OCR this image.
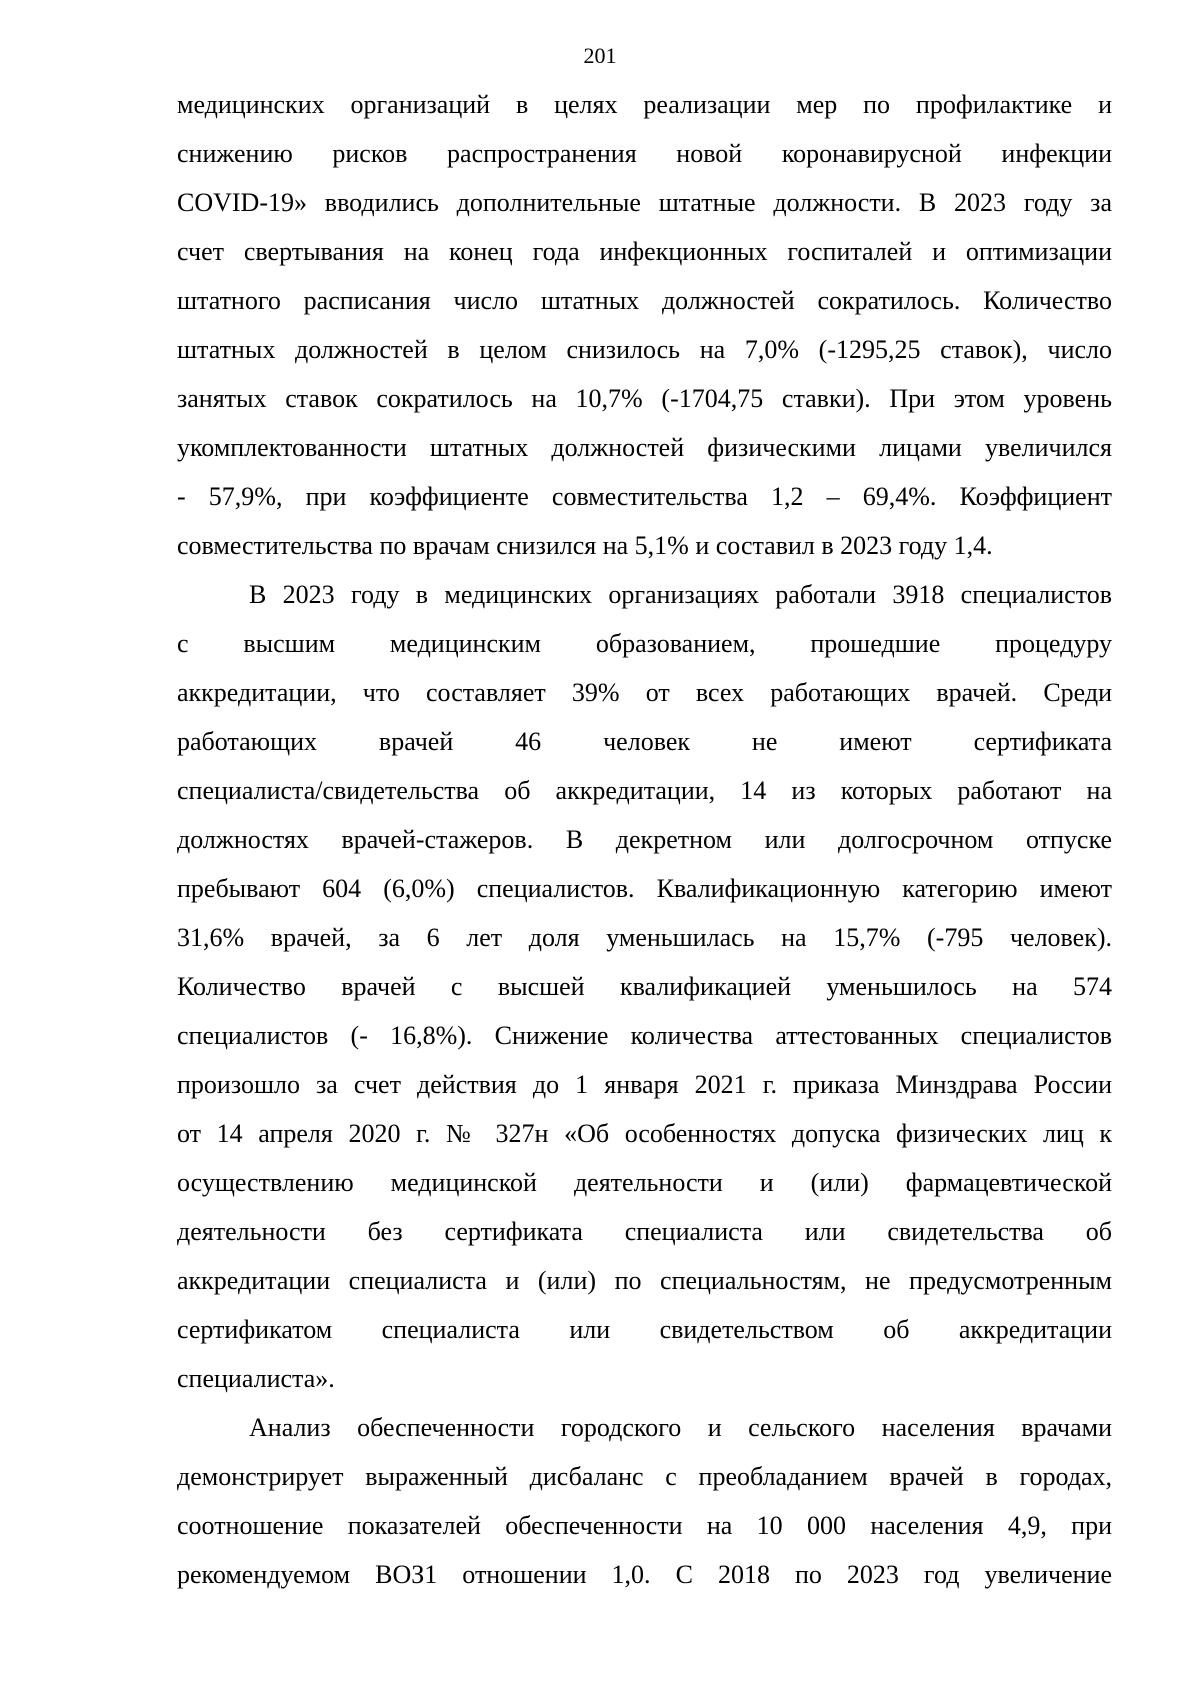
201
медицинских организаций в целях реализации мер по профилактике и
снижению рисков распространения новой коронавирусной инфекции
COVID-19» вводились дополнительные штатные должности. В 2023 году за
счет свертывания на конец года инфекционных госпиталей и оптимизации
штатного расписания число штатных должностей сократилось. Количество
штатных должностей в целом снизилось на 7,0% (-1295,25 ставок), число
занятых ставок сократилось на 10,7% (-1704,75 ставки). При этом уровень
укомплектованности штатных должностей физическими лицами увеличился
- 57,9%, при коэффициенте совместительства 1,2 – 69,4%. Коэффициент
совместительства по врачам снизился на 5,1% и составил в 2023 году 1,4.
В 2023 году в медицинских организациях работали 3918 специалистов
с высшим медицинским образованием, прошедшие процедуру
аккредитации, что составляет 39% от всех работающих врачей. Среди
работающих врачей 46 человек не имеют сертификата
специалиста/свидетельства об аккредитации, 14 из которых работают на
должностях врачей-стажеров. В декретном или долгосрочном отпуске
пребывают 604 (6,0%) специалистов. Квалификационную категорию имеют
31,6% врачей, за 6 лет доля уменьшилась на 15,7% (-795 человек).
Количество врачей с высшей квалификацией уменьшилось на 574
специалистов (- 16,8%). Снижение количества аттестованных специалистов
произошло за счет действия до 1 января 2021 г. приказа Минздрава России
от 14 апреля 2020 г. № 327н «Об особенностях допуска физических лиц к
осуществлению медицинской деятельности и (или) фармацевтической
деятельности без сертификата специалиста или свидетельства об
аккредитации специалиста и (или) по специальностям, не предусмотренным
сертификатом специалиста или свидетельством об аккредитации
специалиста».
Анализ обеспеченности городского и сельского населения врачами
демонстрирует выраженный дисбаланс с преобладанием врачей в городах,
соотношение показателей обеспеченности на 10 000 населения 4,9, при
рекомендуемом ВОЗ1 отношении 1,0. С 2018 по 2023 год увеличение
